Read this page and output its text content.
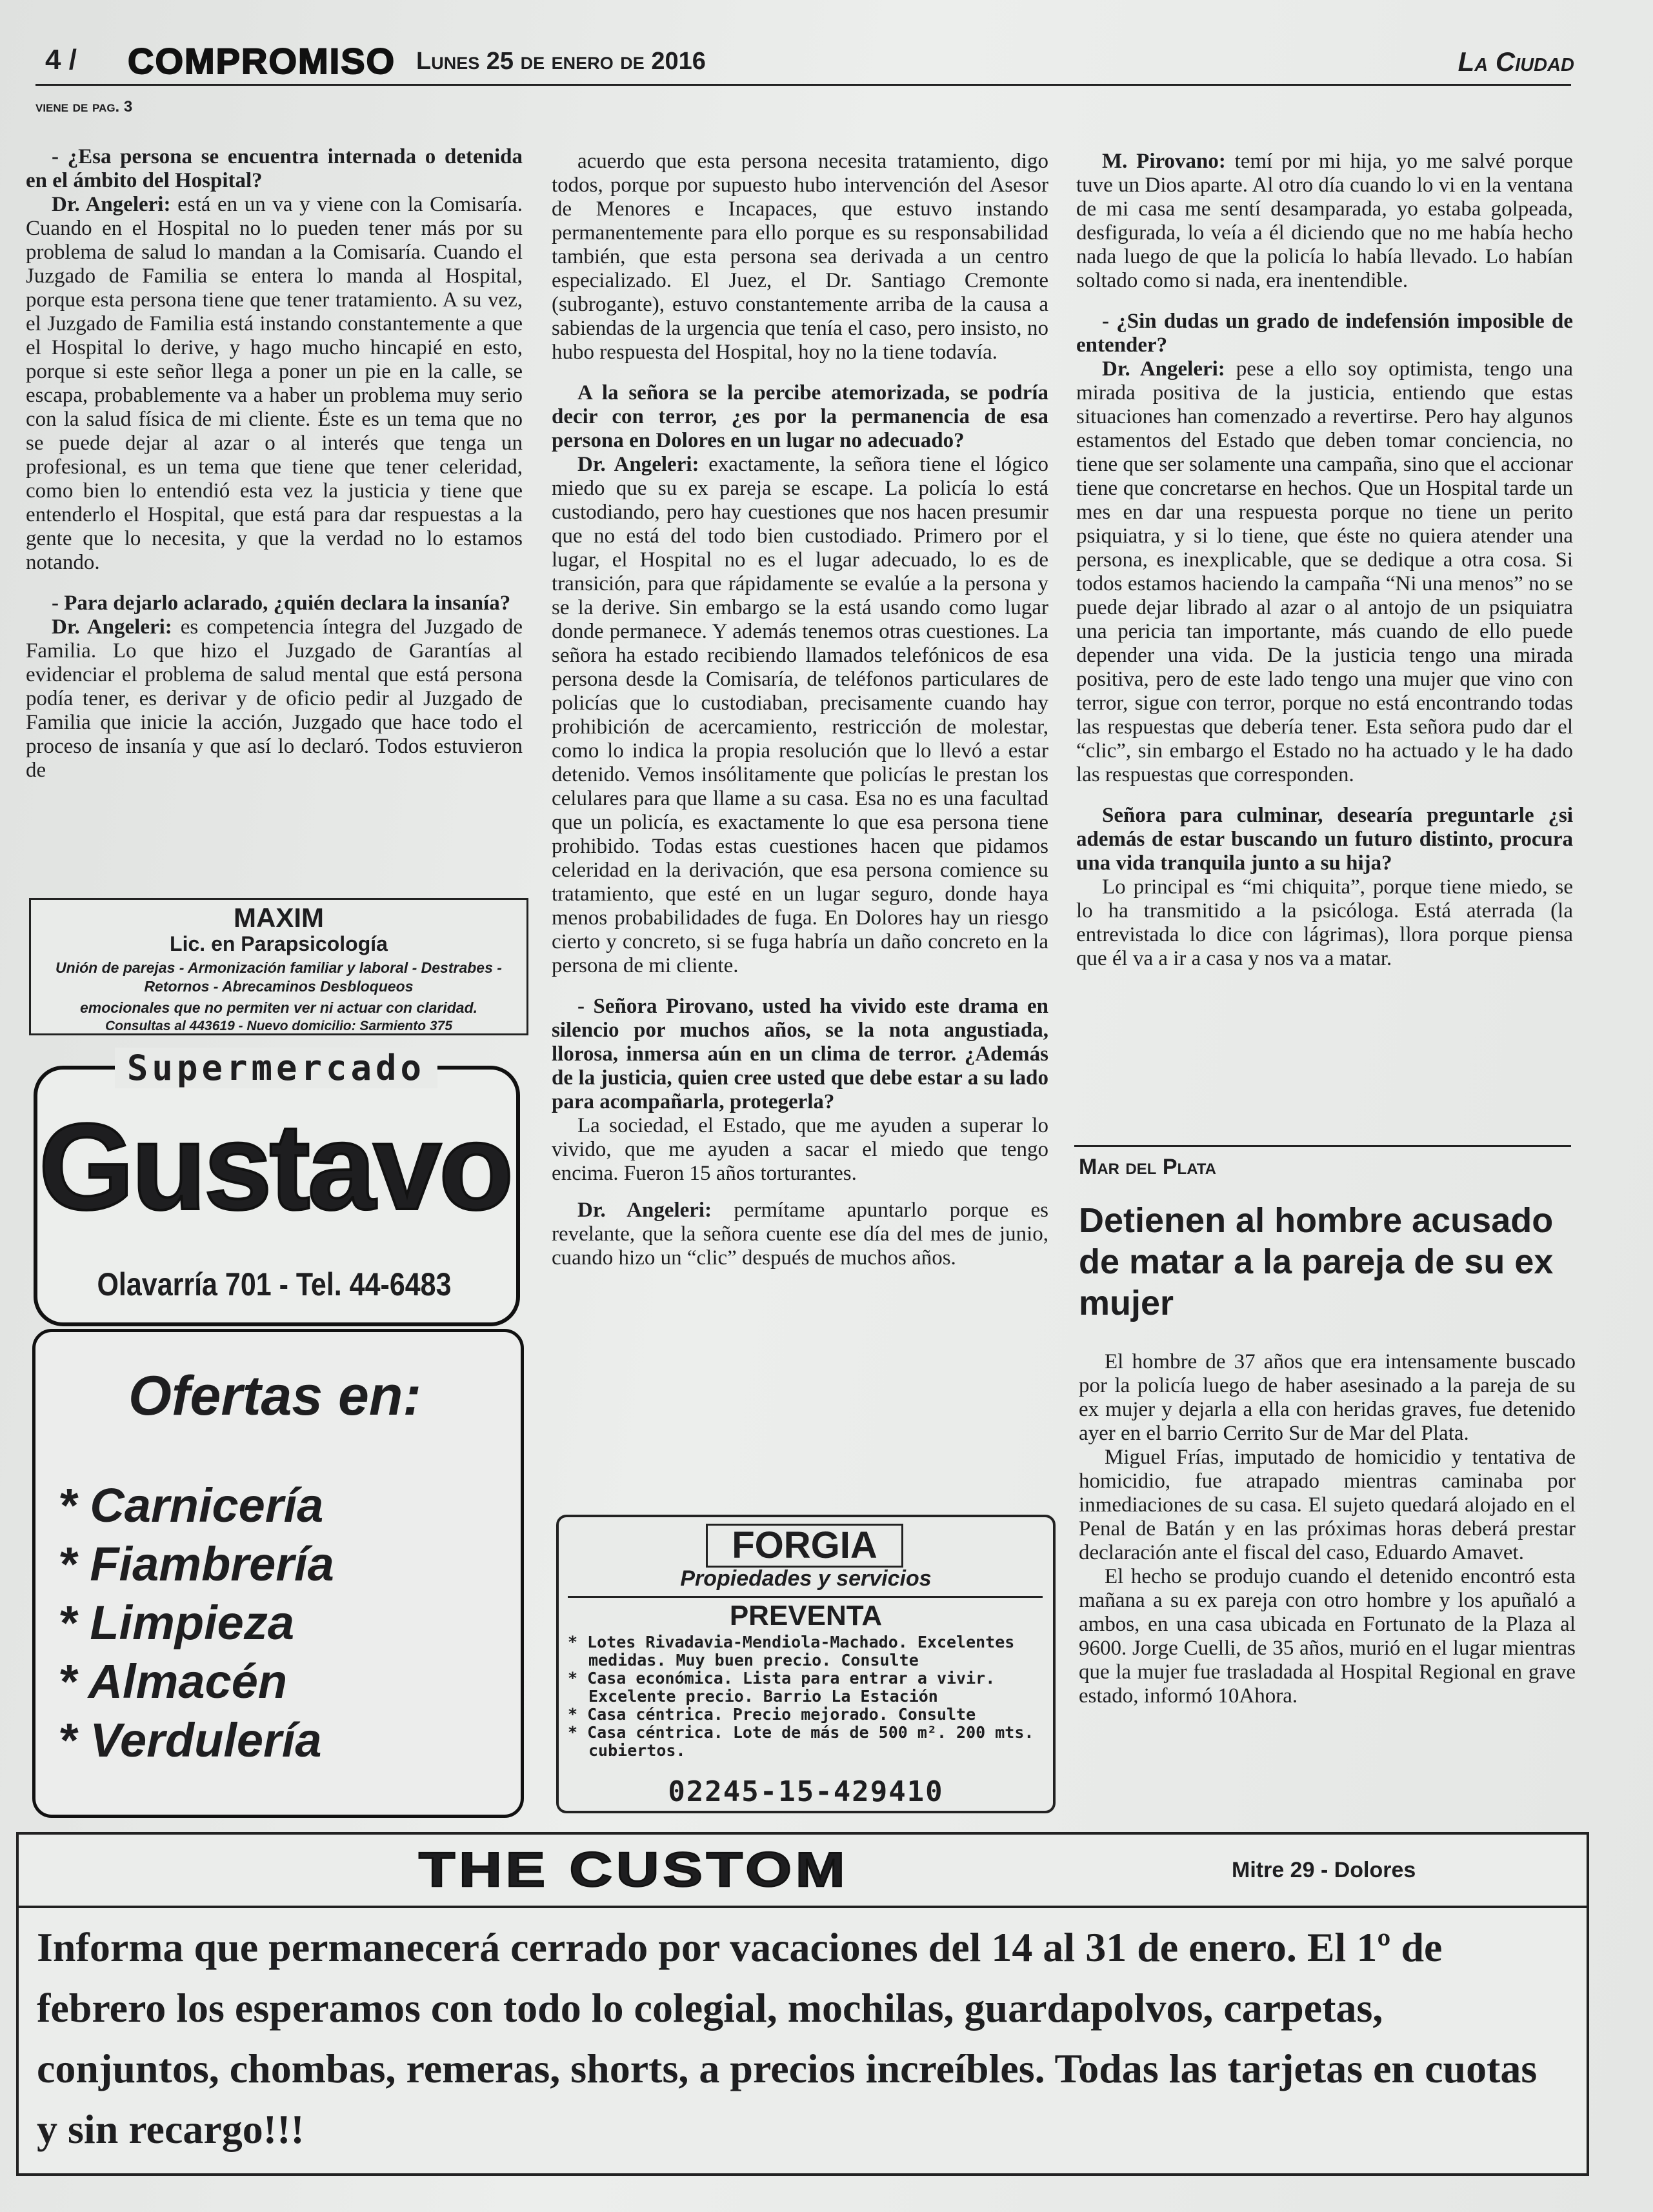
4 / COMPROMISO Lunes 25 de enero de 2016	La Ciudad
viene de pag. 3

- ¿Esa persona se encuentra internada o detenida en el ámbito del Hospital?

Dr. Angeleri: está en un va y viene con la Comisaría. Cuando en el Hospital no lo pueden tener más por su problema de salud lo mandan a la Comisaría. Cuando el Juzgado de Familia se entera lo manda al Hospital, porque esta persona tiene que tener tratamiento. A su vez, el Juzgado de Familia está instando constantemente a que el Hospital lo derive, y hago mucho hincapié en esto, porque si este señor llega a poner un pie en la calle, se escapa, probablemente va a haber un problema muy serio con la salud física de mi cliente. Éste es un tema que no se puede dejar al azar o al interés que tenga un profesional, es un tema que tiene que tener celeridad, como bien lo entendió esta vez la justicia y tiene que entenderlo el Hospital, que está para dar respuestas a la gente que lo necesita, y que la verdad no lo estamos notando.

- Para dejarlo aclarado, ¿quién declara la insanía?

Dr. Angeleri: es competencia íntegra del Juzgado de Familia. Lo que hizo el Juzgado de Garantías al evidenciar el problema de salud mental que está persona podía tener, es derivar y de oficio pedir al Juzgado de Familia que inicie la acción, Juzgado que hace todo el proceso de insanía y que así lo declaró. Todos estuvieron de

acuerdo que esta persona necesita tratamiento, digo todos, porque por supuesto hubo intervención del Asesor de Menores e Incapaces, que estuvo instando permanentemente para ello porque es su responsabilidad también, que esta persona sea derivada a un centro especializado. El Juez, el Dr. Santiago Cremonte (subrogante), estuvo constantemente arriba de la causa a sabiendas de la urgencia que tenía el caso, pero insisto, no hubo respuesta del Hospital, hoy no la tiene todavía.

A la señora se la percibe atemorizada, se podría decir con terror, ¿es por la permanencia de esa persona en Dolores en un lugar no adecuado?

Dr. Angeleri: exactamente, la señora tiene el lógico miedo que su ex pareja se escape. La policía lo está custodiando, pero hay cuestiones que nos hacen presumir que no está del todo bien custodiado. Primero por el lugar, el Hospital no es el lugar adecuado, lo es de transición, para que rápidamente se evalúe a la persona y se la derive. Sin embargo se la está usando como lugar donde permanece. Y además tenemos otras cuestiones. La señora ha estado recibiendo llamados telefónicos de esa persona desde la Comisaría, de teléfonos particulares de policías que lo custodiaban, precisamente cuando hay prohibición de acercamiento, restricción de molestar, como lo indica la propia resolución que lo llevó a estar detenido. Vemos insólitamente que policías le prestan los celulares para que llame a su casa. Esa no es una facultad que un policía, es exactamente lo que esa persona tiene prohibido. Todas estas cuestiones hacen que pidamos celeridad en la derivación, que esa persona comience su tratamiento, que esté en un lugar seguro, donde haya menos probabilidades de fuga. En Dolores hay un riesgo cierto y concreto, si se fuga habría un daño concreto en la persona de mi cliente.

- Señora Pirovano, usted ha vivido este drama en silencio por muchos años, se la nota angustiada, llorosa, inmersa aún en un clima de terror. ¿Además de la justicia, quien cree usted que debe estar a su lado para acompañarla, protegerla?

La sociedad, el Estado, que me ayuden a superar lo vivido, que me ayuden a sacar el miedo que tengo encima. Fueron 15 años torturantes.

Dr. Angeleri: permítame apuntarlo porque es revelante, que la señora cuente ese día del mes de junio, cuando hizo un “clic” después de muchos años.

M. Pirovano: temí por mi hija, yo me salvé porque tuve un Dios aparte. Al otro día cuando lo vi en la ventana de mi casa me sentí desamparada, yo estaba golpeada, desfigurada, lo veía a él diciendo que no me había hecho nada luego de que la policía lo había llevado. Lo habían soltado como si nada, era inentendible.

- ¿Sin dudas un grado de indefensión imposible de entender?

Dr. Angeleri: pese a ello soy optimista, tengo una mirada positiva de la justicia, entiendo que estas situaciones han comenzado a revertirse. Pero hay algunos estamentos del Estado que deben tomar conciencia, no tiene que ser solamente una campaña, sino que el accionar tiene que concretarse en hechos. Que un Hospital tarde un mes en dar una respuesta porque no tiene un perito psiquiatra, y si lo tiene, que éste no quiera atender una persona, es inexplicable, que se dedique a otra cosa. Si todos estamos haciendo la campaña “Ni una menos” no se puede dejar librado al azar o al antojo de un psiquiatra una pericia tan importante, más cuando de ello puede depender una vida. De la justicia tengo una mirada positiva, pero de este lado tengo una mujer que vino con terror, sigue con terror, porque no está encontrando todas las respuestas que debería tener. Esta señora pudo dar el “clic”, sin embargo el Estado no ha actuado y le ha dado las respuestas que corresponden.

Señora para culminar, desearía preguntarle ¿si además de estar buscando un futuro distinto, procura una vida tranquila junto a su hija?

Lo principal es “mi chiquita”, porque tiene miedo, se lo ha transmitido a la psicóloga. Está aterrada (la entrevistada lo dice con lágrimas), llora porque piensa que él va a ir a casa y nos va a matar.

MAXIM
Lic. en Parapsicología
Unión de parejas - Armonización familiar y laboral - Destrabes - Retornos - Abrecaminos Desbloqueos
emocionales que no permiten ver ni actuar con claridad.
Consultas al 443619 - Nuevo domicilio: Sarmiento 375
Supermercado
Gustavo
Olavarría 701 - Tel. 44-6483
Ofertas en:
* Carnicería
* Fiambrería
* Limpieza
* Almacén
* Verdulería
FORGIA
Propiedades y servicios
PREVENTA
* Lotes Rivadavia-Mendiola-Machado. Excelentes medidas. Muy buen precio. Consulte
* Casa económica. Lista para entrar a vivir. Excelente precio. Barrio La Estación
* Casa céntrica. Precio mejorado. Consulte
* Casa céntrica. Lote de más de 500 m². 200 mts. cubiertos.
02245-15-429410
Mar del Plata
Detienen al hombre acusado de matar a la pareja de su ex mujer

El hombre de 37 años que era intensamente buscado por la policía luego de haber asesinado a la pareja de su ex mujer y dejarla a ella con heridas graves, fue detenido ayer en el barrio Cerrito Sur de Mar del Plata.

Miguel Frías, imputado de homicidio y tentativa de homicidio, fue atrapado mientras caminaba por inmediaciones de su casa. El sujeto quedará alojado en el Penal de Batán y en las próximas horas deberá prestar declaración ante el fiscal del caso, Eduardo Amavet.

El hecho se produjo cuando el detenido encontró esta mañana a su ex pareja con otro hombre y los apuñaló a ambos, en una casa ubicada en Fortunato de la Plaza al 9600. Jorge Cuelli, de 35 años, murió en el lugar mientras que la mujer fue trasladada al Hospital Regional en grave estado, informó 10Ahora.

THE CUSTOM	Mitre 29 - Dolores
Informa que permanecerá cerrado por vacaciones del 14 al 31 de enero. El 1º de febrero los esperamos con todo lo colegial, mochilas, guardapolvos, carpetas, conjuntos, chombas, remeras, shorts, a precios increíbles. Todas las tarjetas en cuotas y sin recargo!!!
